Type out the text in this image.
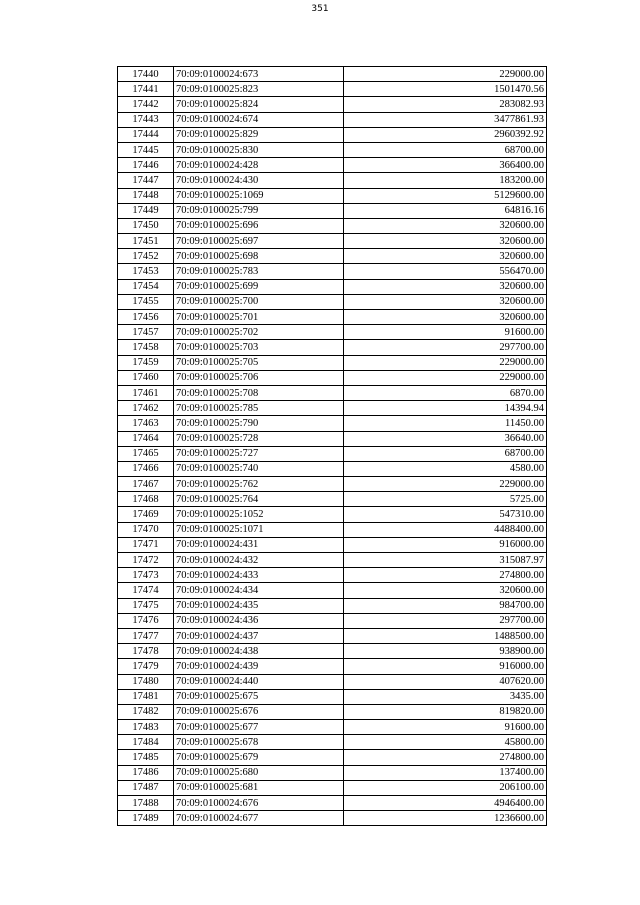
351
17440	70:09:0100024:673	229000.00
17441	70:09:0100025:823	1501470.56
17442	70:09:0100025:824	283082.93
17443	70:09:0100024:674	3477861.93
17444	70:09:0100025:829	2960392.92
17445	70:09:0100025:830	68700.00
17446	70:09:0100024:428	366400.00
17447	70:09:0100024:430	183200.00
17448	70:09:0100025:1069	5129600.00
17449	70:09:0100025:799	64816.16
17450	70:09:0100025:696	320600.00
17451	70:09:0100025:697	320600.00
17452	70:09:0100025:698	320600.00
17453	70:09:0100025:783	556470.00
17454	70:09:0100025:699	320600.00
17455	70:09:0100025:700	320600.00
17456	70:09:0100025:701	320600.00
17457	70:09:0100025:702	91600.00
17458	70:09:0100025:703	297700.00
17459	70:09:0100025:705	229000.00
17460	70:09:0100025:706	229000.00
17461	70:09:0100025:708	6870.00
17462	70:09:0100025:785	14394.94
17463	70:09:0100025:790	11450.00
17464	70:09:0100025:728	36640.00
17465	70:09:0100025:727	68700.00
17466	70:09:0100025:740	4580.00
17467	70:09:0100025:762	229000.00
17468	70:09:0100025:764	5725.00
17469	70:09:0100025:1052	547310.00
17470	70:09:0100025:1071	4488400.00
17471	70:09:0100024:431	916000.00
17472	70:09:0100024:432	315087.97
17473	70:09:0100024:433	274800.00
17474	70:09:0100024:434	320600.00
17475	70:09:0100024:435	984700.00
17476	70:09:0100024:436	297700.00
17477	70:09:0100024:437	1488500.00
17478	70:09:0100024:438	938900.00
17479	70:09:0100024:439	916000.00
17480	70:09:0100024:440	407620.00
17481	70:09:0100025:675	3435.00
17482	70:09:0100025:676	819820.00
17483	70:09:0100025:677	91600.00
17484	70:09:0100025:678	45800.00
17485	70:09:0100025:679	274800.00
17486	70:09:0100025:680	137400.00
17487	70:09:0100025:681	206100.00
17488	70:09:0100024:676	4946400.00
17489	70:09:0100024:677	1236600.00
